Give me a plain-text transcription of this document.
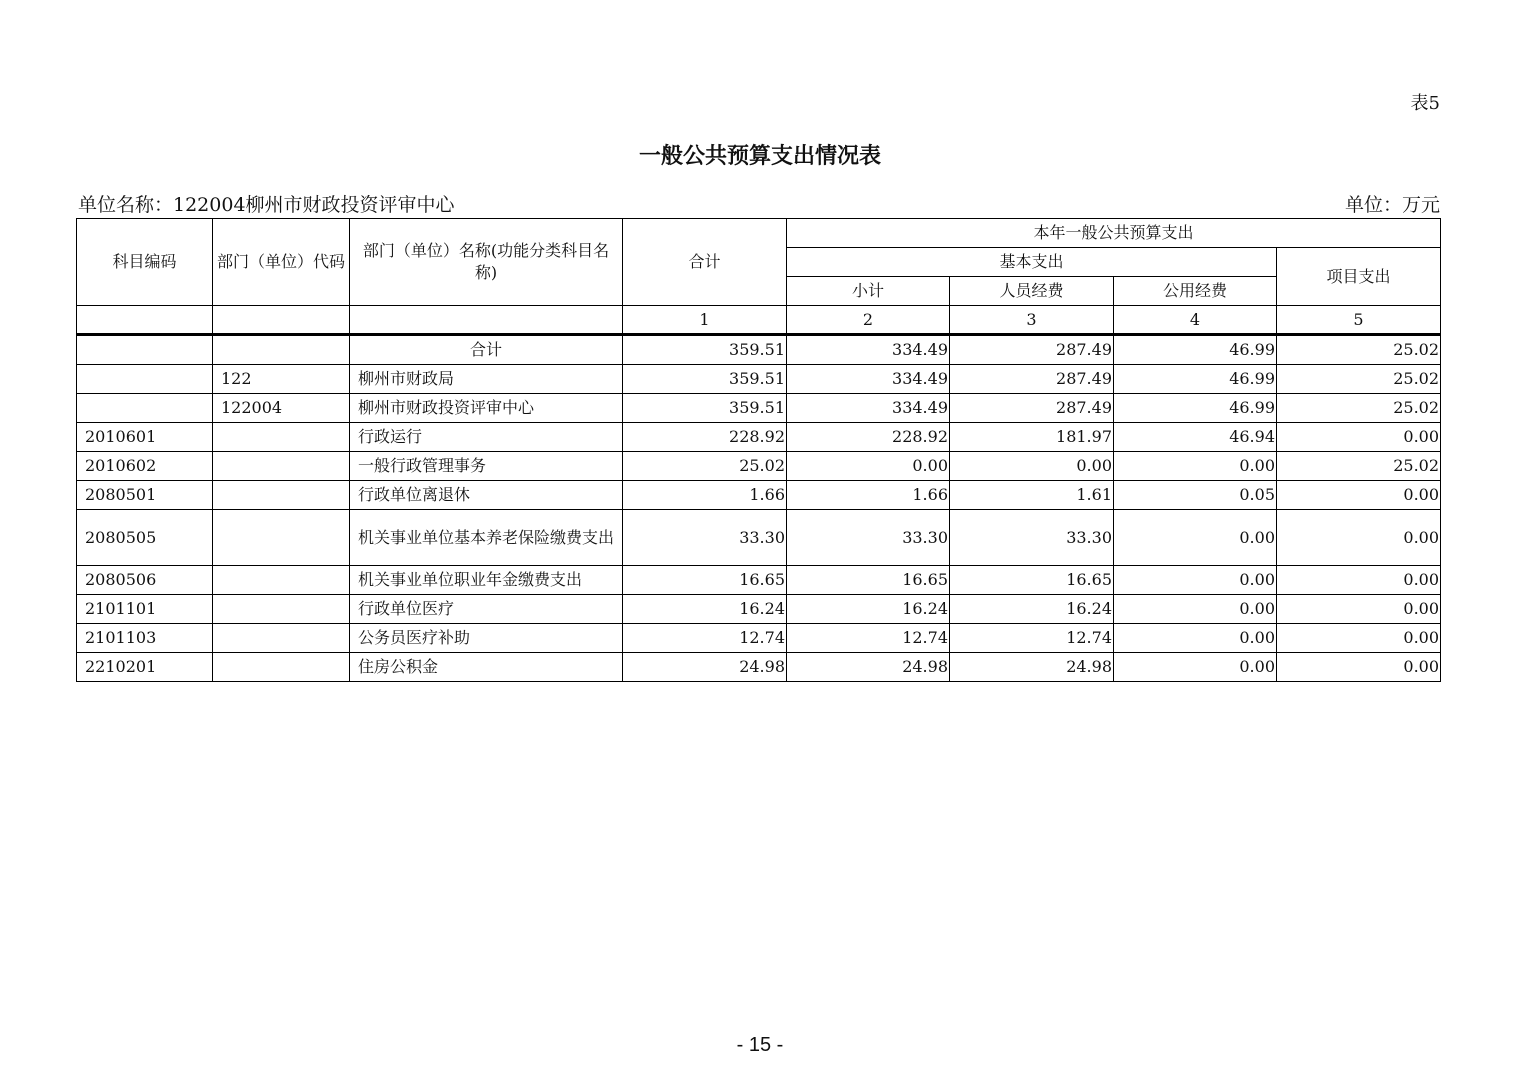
表5
一般公共预算支出情况表
单位名称：122004柳州市财政投资评审中心	单位：万元
科目编码	部门（单位）代码	部门（单位）名称(功能分类科目名称)	合计	本年一般公共预算支出			
				基本支出			项目支出
				小计	人员经费	公用经费	
			1	2	3	4	5
		合计	359.51	334.49	287.49	46.99	25.02
	122	柳州市财政局	359.51	334.49	287.49	46.99	25.02
	122004	柳州市财政投资评审中心	359.51	334.49	287.49	46.99	25.02
2010601		行政运行	228.92	228.92	181.97	46.94	0.00
2010602		一般行政管理事务	25.02	0.00	0.00	0.00	25.02
2080501		行政单位离退休	1.66	1.66	1.61	0.05	0.00
2080505		机关事业单位基本养老保险缴费支出	33.30	33.30	33.30	0.00	0.00
2080506		机关事业单位职业年金缴费支出	16.65	16.65	16.65	0.00	0.00
2101101		行政单位医疗	16.24	16.24	16.24	0.00	0.00
2101103		公务员医疗补助	12.74	12.74	12.74	0.00	0.00
2210201		住房公积金	24.98	24.98	24.98	0.00	0.00
- 15 -
